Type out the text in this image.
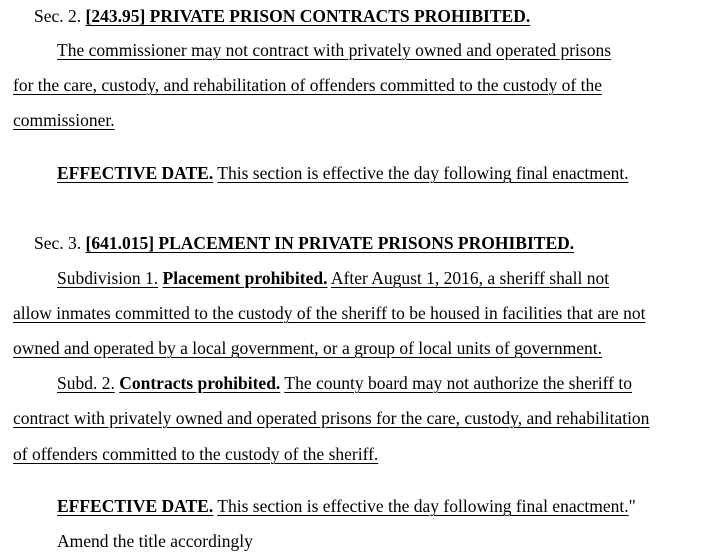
Sec. 2. [243.95] PRIVATE PRISON CONTRACTS PROHIBITED.
The commissioner may not contract with privately owned and operated prisons
for the care, custody, and rehabilitation of offenders committed to the custody of the
commissioner.
EFFECTIVE DATE. This section is effective the day following final enactment.
Sec. 3. [641.015] PLACEMENT IN PRIVATE PRISONS PROHIBITED.
Subdivision 1. Placement prohibited. After August 1, 2016, a sheriff shall not
allow inmates committed to the custody of the sheriff to be housed in facilities that are not
owned and operated by a local government, or a group of local units of government.
Subd. 2. Contracts prohibited. The county board may not authorize the sheriff to
contract with privately owned and operated prisons for the care, custody, and rehabilitation
of offenders committed to the custody of the sheriff.
EFFECTIVE DATE. This section is effective the day following final enactment."
Amend the title accordingly
